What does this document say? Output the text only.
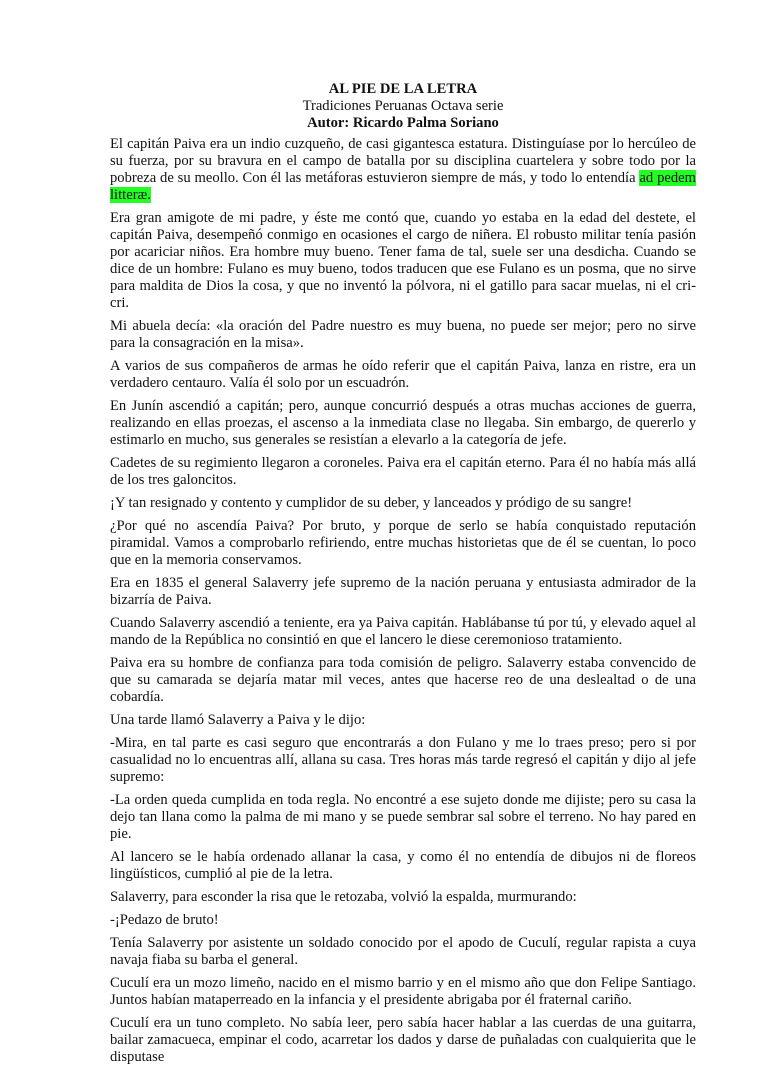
AL PIE DE LA LETRA
Tradiciones Peruanas Octava serie
Autor: Ricardo Palma Soriano

El capitán Paiva era un indio cuzqueño, de casi gigantesca estatura. Distinguíase por lo hercúleo de su fuerza, por su bravura en el campo de batalla por su disciplina cuartelera y sobre todo por la pobreza de su meollo. Con él las metáforas estuvieron siempre de más, y todo lo entendía ad pedem litteræ.

Era gran amigote de mi padre, y éste me contó que, cuando yo estaba en la edad del destete, el capitán Paiva, desempeñó conmigo en ocasiones el cargo de niñera. El robusto militar tenía pasión por acariciar niños. Era hombre muy bueno. Tener fama de tal, suele ser una desdicha. Cuando se dice de un hombre: Fulano es muy bueno, todos traducen que ese Fulano es un posma, que no sirve para maldita de Dios la cosa, y que no inventó la pólvora, ni el gatillo para sacar muelas, ni el cri-cri.

Mi abuela decía: «la oración del Padre nuestro es muy buena, no puede ser mejor; pero no sirve para la consagración en la misa».

A varios de sus compañeros de armas he oído referir que el capitán Paiva, lanza en ristre, era un verdadero centauro. Valía él solo por un escuadrón.

En Junín ascendió a capitán; pero, aunque concurrió después a otras muchas acciones de guerra, realizando en ellas proezas, el ascenso a la inmediata clase no llegaba. Sin embargo, de quererlo y estimarlo en mucho, sus generales se resistían a elevarlo a la categoría de jefe.

Cadetes de su regimiento llegaron a coroneles. Paiva era el capitán eterno. Para él no había más allá de los tres galoncitos.

¡Y tan resignado y contento y cumplidor de su deber, y lanceados y pródigo de su sangre!

¿Por qué no ascendía Paiva? Por bruto, y porque de serlo se había conquistado reputación piramidal. Vamos a comprobarlo refiriendo, entre muchas historietas que de él se cuentan, lo poco que en la memoria conservamos.

Era en 1835 el general Salaverry jefe supremo de la nación peruana y entusiasta admirador de la bizarría de Paiva.

Cuando Salaverry ascendió a teniente, era ya Paiva capitán. Hablábanse tú por tú, y elevado aquel al mando de la República no consintió en que el lancero le diese ceremonioso tratamiento.

Paiva era su hombre de confianza para toda comisión de peligro. Salaverry estaba convencido de que su camarada se dejaría matar mil veces, antes que hacerse reo de una deslealtad o de una cobardía.

Una tarde llamó Salaverry a Paiva y le dijo:

-Mira, en tal parte es casi seguro que encontrarás a don Fulano y me lo traes preso; pero si por casualidad no lo encuentras allí, allana su casa. Tres horas más tarde regresó el capitán y dijo al jefe supremo:

-La orden queda cumplida en toda regla. No encontré a ese sujeto donde me dijiste; pero su casa la dejo tan llana como la palma de mi mano y se puede sembrar sal sobre el terreno. No hay pared en pie.

Al lancero se le había ordenado allanar la casa, y como él no entendía de dibujos ni de floreos lingüísticos, cumplió al pie de la letra.

Salaverry, para esconder la risa que le retozaba, volvió la espalda, murmurando:

-¡Pedazo de bruto!

Tenía Salaverry por asistente un soldado conocido por el apodo de Cuculí, regular rapista a cuya navaja fiaba su barba el general.

Cuculí era un mozo limeño, nacido en el mismo barrio y en el mismo año que don Felipe Santiago. Juntos habían mataperreado en la infancia y el presidente abrigaba por él fraternal cariño.

Cuculí era un tuno completo. No sabía leer, pero sabía hacer hablar a las cuerdas de una guitarra, bailar zamacueca, empinar el codo, acarretar los dados y darse de puñaladas con cualquierita que le disputase
